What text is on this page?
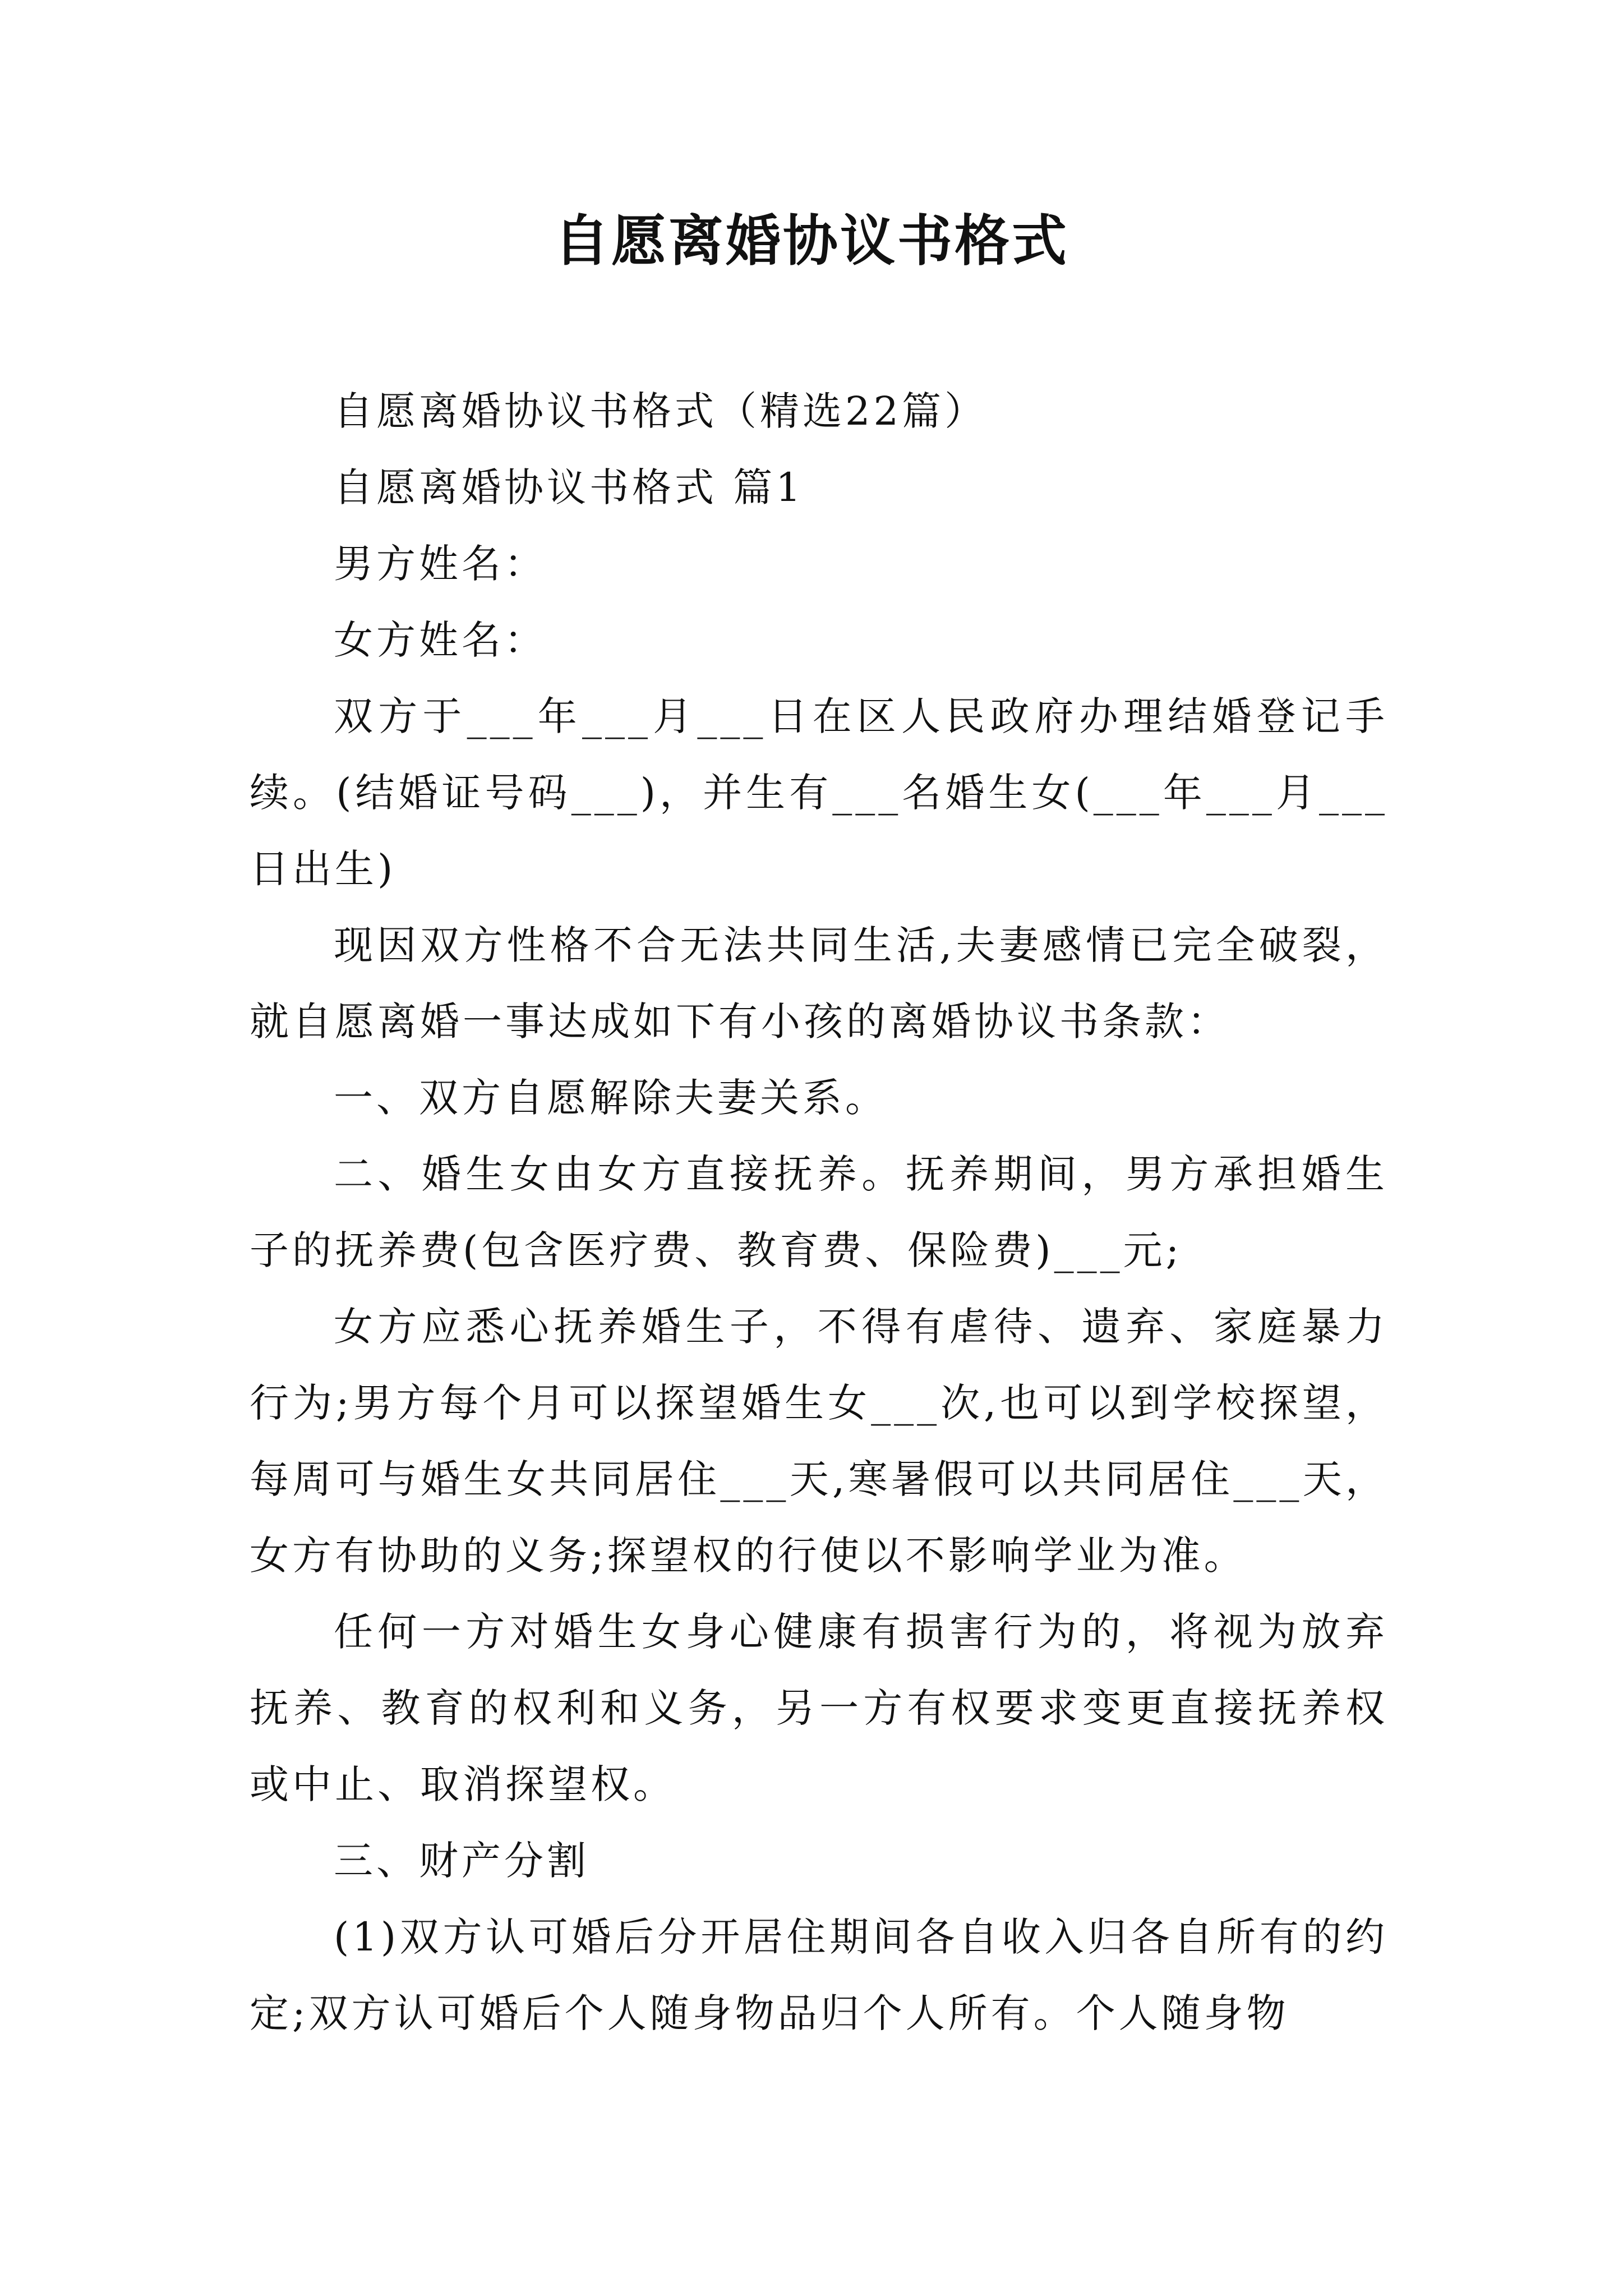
自愿离婚协议书格式

自愿离婚协议书格式（精选22篇）

自愿离婚协议书格式 篇1

男方姓名：

女方姓名：

双方于___年___月___日在区人民政府办理结婚登记手续。(结婚证号码___)，并生有___名婚生女(___年___月___日出生)

现因双方性格不合无法共同生活,夫妻感情已完全破裂，就自愿离婚一事达成如下有小孩的离婚协议书条款：

一、双方自愿解除夫妻关系。

二、婚生女由女方直接抚养。抚养期间，男方承担婚生子的抚养费(包含医疗费、教育费、保险费)___元;

女方应悉心抚养婚生子，不得有虐待、遗弃、家庭暴力行为;男方每个月可以探望婚生女___次,也可以到学校探望，每周可与婚生女共同居住___天,寒暑假可以共同居住___天，女方有协助的义务;探望权的行使以不影响学业为准。

任何一方对婚生女身心健康有损害行为的，将视为放弃抚养、教育的权利和义务，另一方有权要求变更直接抚养权或中止、取消探望权。

三、财产分割

(1)双方认可婚后分开居住期间各自收入归各自所有的约定;双方认可婚后个人随身物品归个人所有。个人随身物
